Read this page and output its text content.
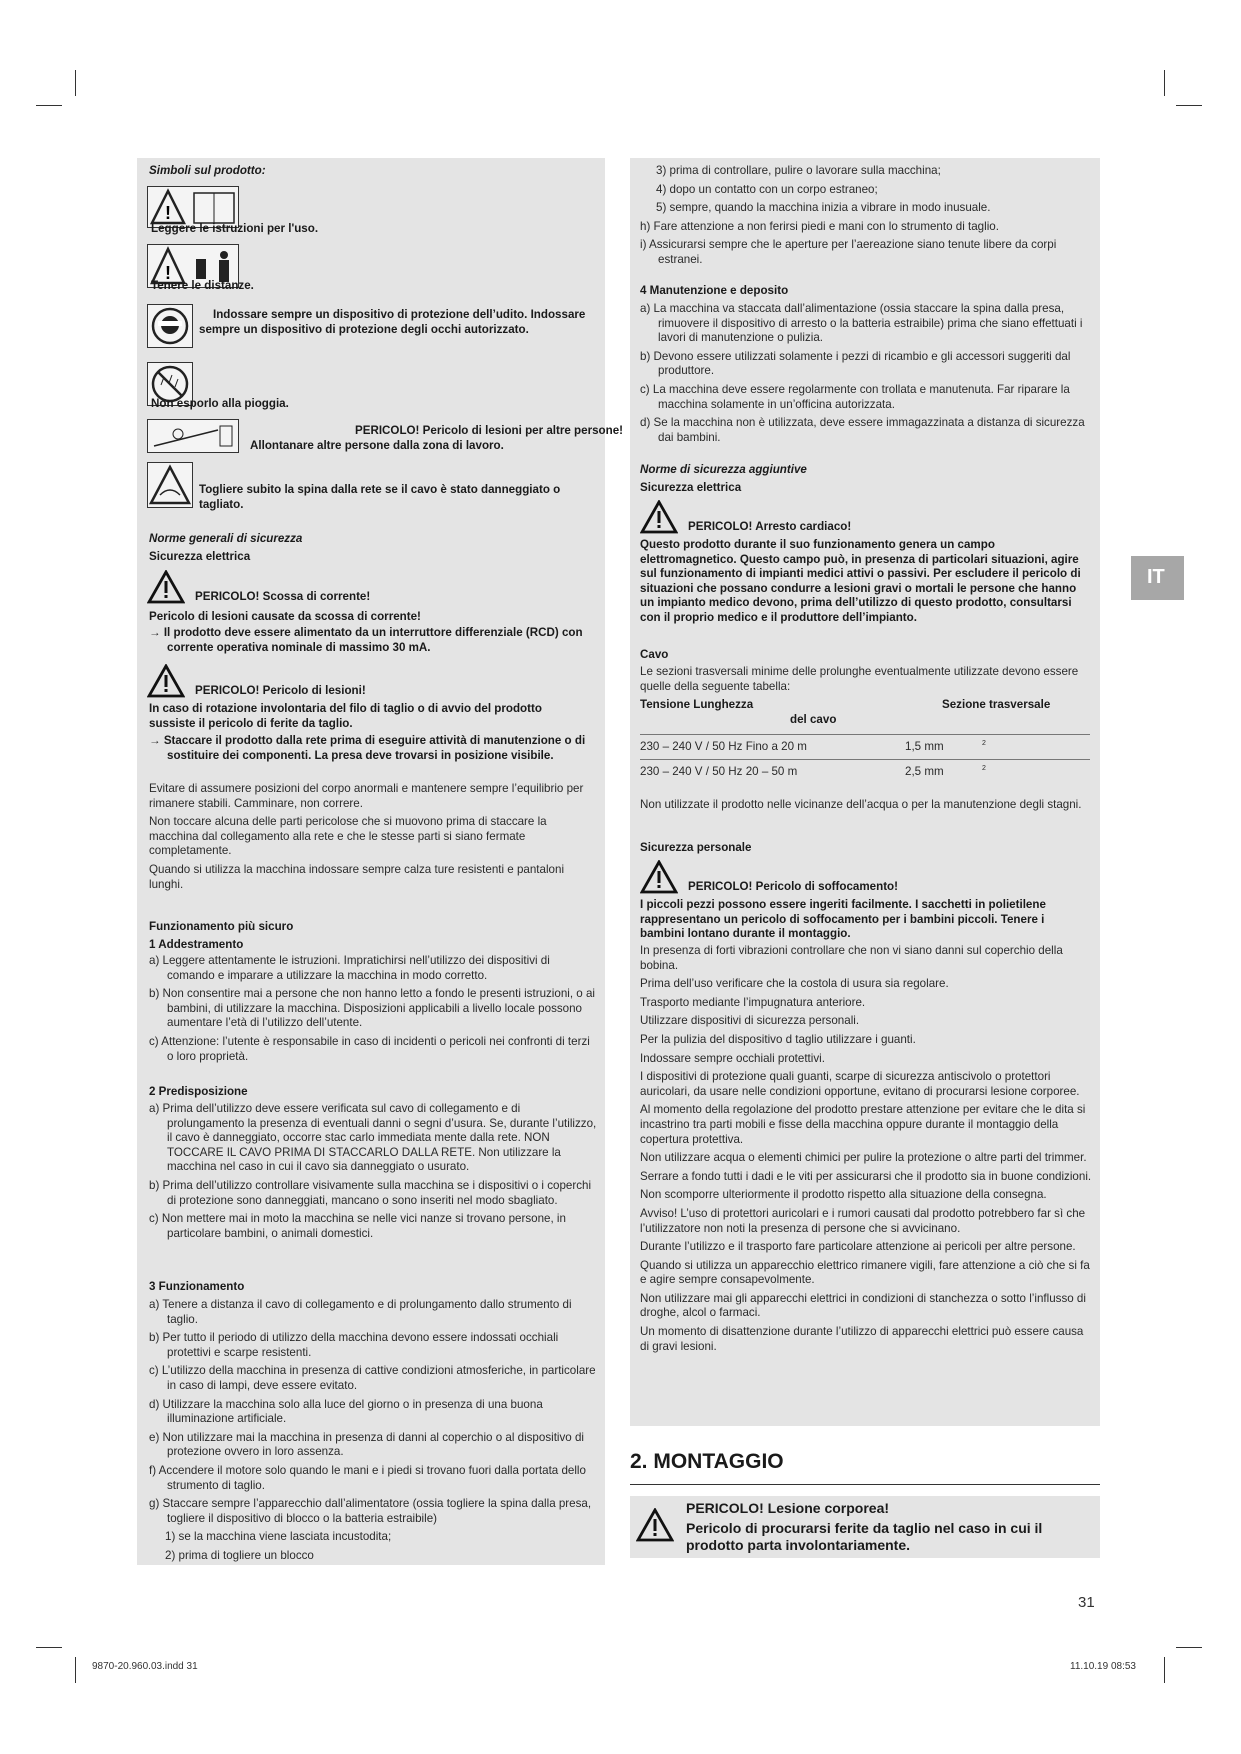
Simboli sul prodotto:
!
Leggere le istruzioni per l'uso.
!
Tenere le distanze.
Indossare sempre un dispositivo di protezione dell’udito. Indossare sempre un dispositivo di protezione degli occhi autorizzato.
Non esporlo alla pioggia.
PERICOLO! Pericolo di lesioni per altre persone!
Allontanare altre persone dalla zona di lavoro.
Togliere subito la spina dalla rete se il cavo è stato danneggiato o tagliato.
Norme generali di sicurezza
Sicurezza elettrica
PERICOLO! Scossa di corrente!
Pericolo di lesioni causate da scossa di corrente!
→ Il prodotto deve essere alimentato da un interruttore differenziale (RCD) con corrente operativa nominale di massimo 30 mA.
PERICOLO! Pericolo di lesioni!
In caso di rotazione involontaria del filo di taglio o di avvio del prodotto sussiste il pericolo di ferite da taglio.
→ Staccare il prodotto dalla rete prima di eseguire attività di manutenzione o di sostituire dei componenti. La presa deve trovarsi in posizione visibile.

Evitare di assumere posizioni del corpo anormali e mantenere sempre l’equilibrio per rimanere stabili. Camminare, non correre.

Non toccare alcuna delle parti pericolose che si muovono prima di staccare la macchina dal collegamento alla rete e che le stesse parti si siano fermate completamente.

Quando si utilizza la macchina indossare sempre calza ture resistenti e pantaloni lunghi.

Funzionamento più sicuro
1 Addestramento

a) Leggere attentamente le istruzioni. Impratichirsi nell’utilizzo dei dispositivi di comando e imparare a utilizzare la macchina in modo corretto.

b) Non consentire mai a persone che non hanno letto a fondo le presenti istruzioni, o ai bambini, di utilizzare la macchina. Disposizioni applicabili a livello locale possono aumentare l’età di l’utilizzo dell’utente.

c) Attenzione: l’utente è responsabile in caso di incidenti o pericoli nei confronti di terzi o loro proprietà.

2 Predisposizione

a) Prima dell’utilizzo deve essere verificata sul cavo di collegamento e di prolungamento la presenza di eventuali danni o segni d’usura. Se, durante l’utilizzo, il cavo è danneggiato, occorre stac carlo immediata mente dalla rete. NON TOCCARE IL CAVO PRIMA DI STACCARLO DALLA RETE. Non utilizzare la macchina nel caso in cui il cavo sia danneggiato o usurato.

b) Prima dell’utilizzo controllare visivamente sulla macchina se i dispositivi o i coperchi di protezione sono danneggiati, mancano o sono inseriti nel modo sbagliato.

c) Non mettere mai in moto la macchina se nelle vici nanze si trovano persone, in particolare bambini, o animali domestici.

3 Funzionamento

a) Tenere a distanza il cavo di collegamento e di prolungamento dallo strumento di taglio.

b) Per tutto il periodo di utilizzo della macchina devono essere indossati occhiali protettivi e scarpe resistenti.

c) L’utilizzo della macchina in presenza di cattive condizioni atmosferiche, in particolare in caso di lampi, deve essere evitato.

d) Utilizzare la macchina solo alla luce del giorno o in presenza di una buona illuminazione artificiale.

e) Non utilizzare mai la macchina in presenza di danni al coperchio o al dispositivo di protezione ovvero in loro assenza.

f) Accendere il motore solo quando le mani e i piedi si trovano fuori dalla portata dello strumento di taglio.

g) Staccare sempre l’apparecchio dall’alimentatore (ossia togliere la spina dalla presa, togliere il dispositivo di blocco o la batteria estraibile)

1) se la macchina viene lasciata incustodita;

2) prima di togliere un blocco

3) prima di controllare, pulire o lavorare sulla macchina;

4) dopo un contatto con un corpo estraneo;

5) sempre, quando la macchina inizia a vibrare in modo inusuale.

h) Fare attenzione a non ferirsi piedi e mani con lo strumento di taglio.

i) Assicurarsi sempre che le aperture per l’aereazione siano tenute libere da corpi estranei.

4 Manutenzione e deposito

a) La macchina va staccata dall’alimentazione (ossia staccare la spina dalla presa, rimuovere il dispositivo di arresto o la batteria estraibile) prima che siano effettuati i lavori di manutenzione o pulizia.

b) Devono essere utilizzati solamente i pezzi di ricambio e gli accessori suggeriti dal produttore.

c) La macchina deve essere regolarmente con trollata e manutenuta. Far riparare la macchina solamente in un’officina autorizzata.

d) Se la macchina non è utilizzata, deve essere immagazzinata a distanza di sicurezza dai bambini.

Norme di sicurezza aggiuntive
Sicurezza elettrica
PERICOLO! Arresto cardiaco!
Questo prodotto durante il suo funzionamento genera un campo elettromagnetico. Questo campo può, in presenza di particolari situazioni, agire sul funzionamento di impianti medici attivi o passivi. Per escludere il pericolo di situazioni che possano condurre a lesioni gravi o mortali le persone che hanno un impianto medico devono, prima dell’utilizzo di questo prodotto, consultarsi con il proprio medico e il produttore dell’impianto.
Cavo
Le sezioni trasversali minime delle prolunghe eventualmente utilizzate devono essere quelle della seguente tabella:
Tensione Lunghezza
del cavo
Sezione trasversale
230 – 240 V / 50 Hz Fino a 20 m	1,5 mm	2
230 – 240 V / 50 Hz 20 – 50 m	2,5 mm	2
Non utilizzate il prodotto nelle vicinanze dell’acqua o per la manutenzione degli stagni.
Sicurezza personale
PERICOLO! Pericolo di soffocamento!
I piccoli pezzi possono essere ingeriti facilmente. I sacchetti in polietilene rappresentano un pericolo di soffocamento per i bambini piccoli. Tenere i bambini lontano durante il montaggio.

In presenza di forti vibrazioni controllare che non vi siano danni sul coperchio della bobina.

Prima dell’uso verificare che la costola di usura sia regolare.

Trasporto mediante l’impugnatura anteriore.

Utilizzare dispositivi di sicurezza personali.

Per la pulizia del dispositivo d taglio utilizzare i guanti.

Indossare sempre occhiali protettivi.

I dispositivi di protezione quali guanti, scarpe di sicurezza antiscivolo o protettori auricolari, da usare nelle condizioni opportune, evitano di procurarsi lesione corporee.

Al momento della regolazione del prodotto prestare attenzione per evitare che le dita si incastrino tra parti mobili e fisse della macchina oppure durante il montaggio della copertura protettiva.

Non utilizzare acqua o elementi chimici per pulire la protezione o altre parti del trimmer.

Serrare a fondo tutti i dadi e le viti per assicurarsi che il prodotto sia in buone condizioni.

Non scomporre ulteriormente il prodotto rispetto alla situazione della consegna.

Avviso! L’uso di protettori auricolari e i rumori causati dal prodotto potrebbero far sì che l’utilizzatore non noti la presenza di persone che si avvicinano.

Durante l’utilizzo e il trasporto fare particolare attenzione ai pericoli per altre persone.

Quando si utilizza un apparecchio elettrico rimanere vigili, fare attenzione a ciò che si fa e agire sempre consapevolmente.

Non utilizzare mai gli apparecchi elettrici in condizioni di stanchezza o sotto l’influsso di droghe, alcol o farmaci.

Un momento di disattenzione durante l’utilizzo di apparecchi elettrici può essere causa di gravi lesioni.

2. MONTAGGIO
PERICOLO! Lesione corporea!
Pericolo di procurarsi ferite da taglio nel caso in cui il prodotto parta involontariamente.
IT
31
9870-20.960.03.indd 31	11.10.19 08:53
